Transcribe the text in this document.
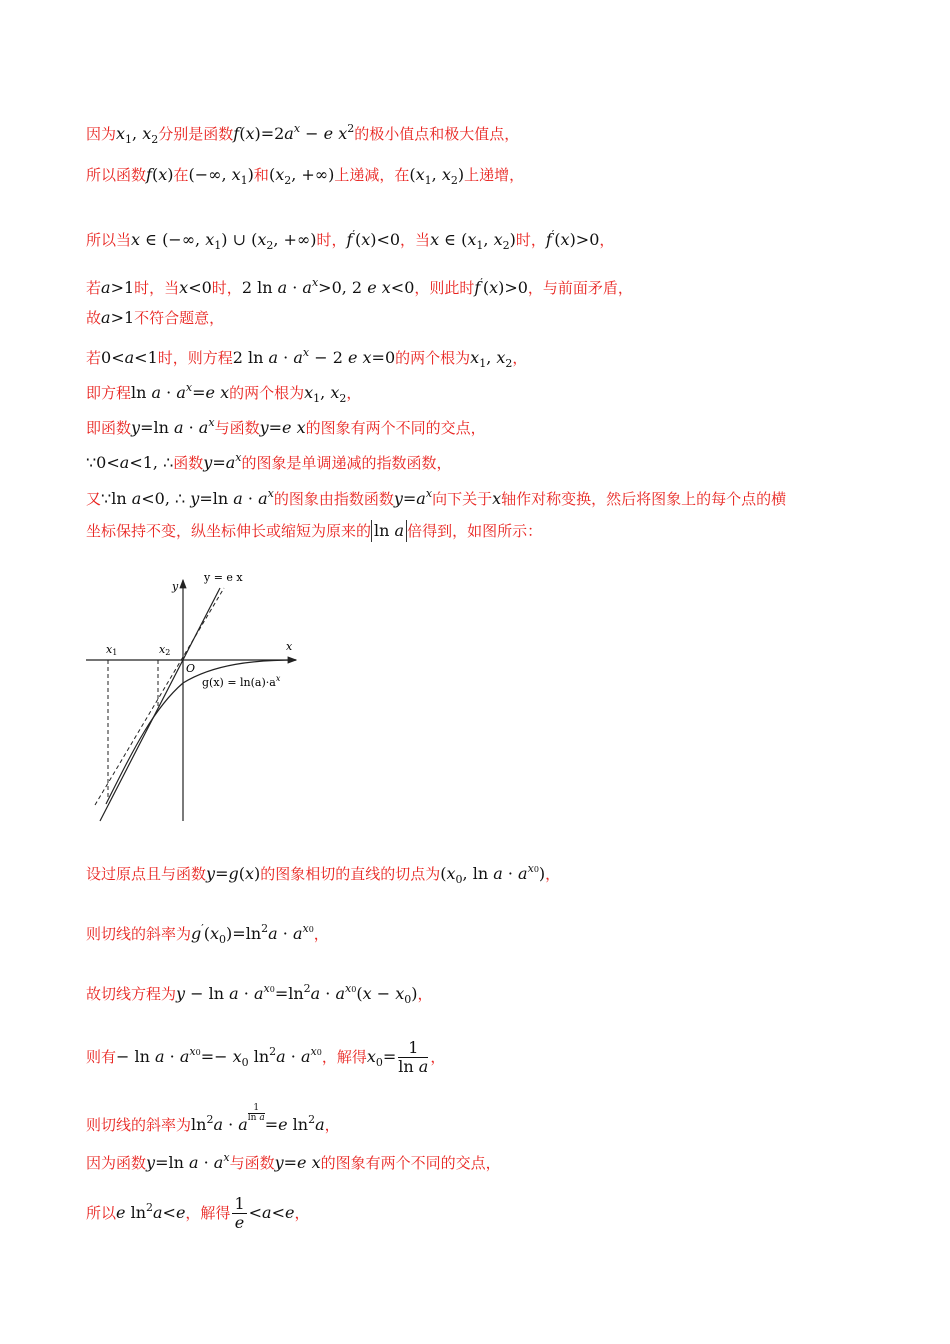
因为$x_1$, $x_2$分别是函数$f(x)=2a^x - e$ $x^2$的极小值点和极大值点，
所以函数f(x)在(−∞, $x_1$)和($x_2$, +∞)上递减，在($x_1$, $x_2$)上递增，
所以当x ∈ (−∞, $x_1$) ∪ ($x_2$, +∞)时，f′(x)<0，当x ∈ ($x_1$, $x_2$)时，f′(x)>0，
若a>1时，当x<0时，2 $\ln a \cdot a^x>0$, 2 e x<0，则此时f′(x)>0，与前面矛盾，
故a>1不符合题意，
若0<a<1时，则方程2 $\ln a \cdot a^x - 2$ e x=0的两个根为$x_1$, $x_2$，
即方程$\ln a \cdot a^x=e$ x的两个根为$x_1$, $x_2$，
即函数y=ln $a \cdot a^x$与函数y=e x的图象有两个不同的交点，
∵0<a<1, ∴函数$y=a^x$的图象是单调递减的指数函数，
又∵ln a<0, ∴ y=ln $a \cdot a^x$的图象由指数函数$y=a^x$向下关于x轴作对称变换，然后将图象上的每个点的横
坐标保持不变，纵坐标伸长或缩短为原来的 ln a 倍得到，如图所示：
y
x
y = e x
O
x1	x2
$g(x) = \ln(a)\cdot a^x$
设过原点且与函数y=g(x)的图象相切的直线的切点为($x_0$, $\ln a \cdot a^{x0}$)，
则切线的斜率为$g'(x_0)=\ln^2a \cdot a^{x0}$，
故切线方程为$y - \ln a \cdot a^{x0}=\ln^2a \cdot a^{x0}(x - x_0)$，
则有− $\ln a \cdot a^{x0}=- x_0$ $\ln^2a \cdot a^{x0}$，解得$x_0= \frac{1}{\text{ln a}}$ ，
则切线的斜率为$\ln^2a \cdot a$
$\frac{1}{\text{ln a}}$
=e $\ln^2a$，
因为函数y=ln $a \cdot a^x$与函数y=e x的图象有两个不同的交点，
所以e $\ln^2a<e$，解得 $\frac{1}{e} <a<e$，
